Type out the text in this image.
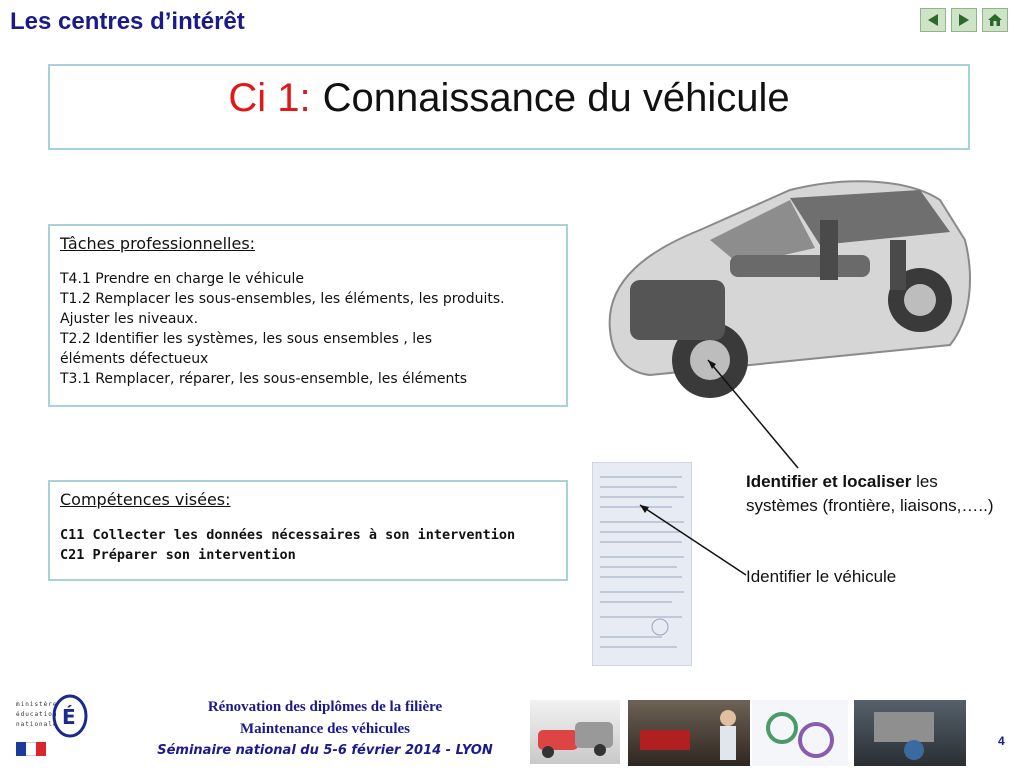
Les centres d’intérêt
Ci 1: Connaissance du véhicule
Tâches professionnelles:
T4.1 Prendre en charge le véhicule
T1.2 Remplacer les sous-ensembles, les éléments, les produits.
Ajuster les niveaux.
T2.2 Identifier les systèmes, les sous ensembles , les
éléments défectueux
T3.1 Remplacer, réparer, les sous-ensemble, les éléments
Compétences visées:
C11 Collecter les données nécessaires à son intervention
C21 Préparer son intervention
Identifier et localiser les systèmes (frontière, liaisons,…..)
Identifier le véhicule
ministère
éducation
nationale É	Rénovation des diplômes de la filière
Maintenance des véhicules
Séminaire national du 5-6 février 2014 - LYON
4
